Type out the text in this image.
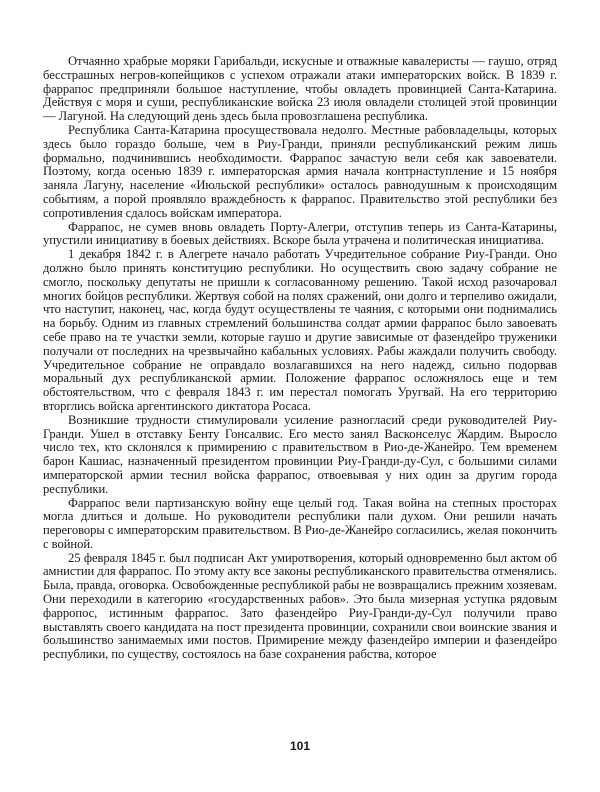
Отчаянно храбрые моряки Гарибальди, искусные и отважные кавалеристы — гаушо, отряд бесстрашных негров-копейщиков с успехом отражали атаки императорских войск. В 1839 г. фаррапос предприняли большое наступление, чтобы овладеть провинцией Санта-Катарина. Действуя с моря и суши, республиканские войска 23 июля овладели столицей этой провинции — Лагуной. На следующий день здесь была провозглашена республика.

Республика Санта-Катарина просуществовала недолго. Местные рабовладельцы, которых здесь было гораздо больше, чем в Риу-Гранди, приняли республиканский режим лишь формально, подчинившись необходимости. Фаррапос зачастую вели себя как завоеватели. Поэтому, когда осенью 1839 г. императорская армия начала контрнаступление и 15 ноября заняла Лагуну, население «Июльской республики» осталось равнодушным к происходящим событиям, а порой проявляло враждебность к фаррапос. Правительство этой республики без сопротивления сдалось войскам императора.

Фаррапос, не сумев вновь овладеть Порту-Алегри, отступив теперь из Санта-Катарины, упустили инициативу в боевых действиях. Вскоре была утрачена и политическая инициатива.

1 декабря 1842 г. в Алегрете начало работать Учредительное собрание Риу-Гранди. Оно должно было принять конституцию республики. Но осуществить свою задачу собрание не смогло, поскольку депутаты не пришли к согласованному решению. Такой исход разочаровал многих бойцов республики. Жертвуя собой на полях сражений, они долго и терпеливо ожидали, что наступит, наконец, час, когда будут осуществлены те чаяния, с которыми они поднимались на борьбу. Одним из главных стремлений большинства солдат армии фаррапос было завоевать себе право на те участки земли, которые гаушо и другие зависимые от фазендейро труженики получали от последних на чрезвычайно кабальных условиях. Рабы жаждали получить свободу. Учредительное собрание не оправдало возлагавшихся на него надежд, сильно подорвав моральный дух республиканской армии. Положение фаррапос осложнялось еще и тем обстоятельством, что с февраля 1843 г. им перестал помогать Уругвай. На его территорию вторглись войска аргентинского диктатора Росаса.

Возникшие трудности стимулировали усиление разногласий среди руководителей Риу-Гранди. Ушел в отставку Бенту Гонсалвис. Его место занял Васконселус Жардим. Выросло число тех, кто склонялся к примирению с правительством в Рио-де-Жанейро. Тем временем барон Кашиас, назначенный президентом провинции Риу-Гранди-ду-Сул, с большими силами императорской армии теснил войска фаррапос, отвоевывая у них один за другим города республики.

Фаррапос вели партизанскую войну еще целый год. Такая война на степных просторах могла длиться и дольше. Но руководители республики пали духом. Они решили начать переговоры с императорским правительством. В Рио-де-Жанейро согласились, желая покончить с войной.

25 февраля 1845 г. был подписан Акт умиротворения, который одновременно был актом об амнистии для фаррапос. По этому акту все законы республиканского правительства отменялись. Была, правда, оговорка. Освобожденные республикой рабы не возвращались прежним хозяевам. Они переходили в категорию «государственных рабов». Это была мизерная уступка рядовым фарропос, истинным фаррапос. Зато фазендейро Риу-Гранди-ду-Сул получили право выставлять своего кандидата на пост президента провинции, сохранили свои воинские звания и большинство занимаемых ими постов. Примирение между фазендейро империи и фазендейро республики, по существу, состоялось на базе сохранения рабства, которое

101
